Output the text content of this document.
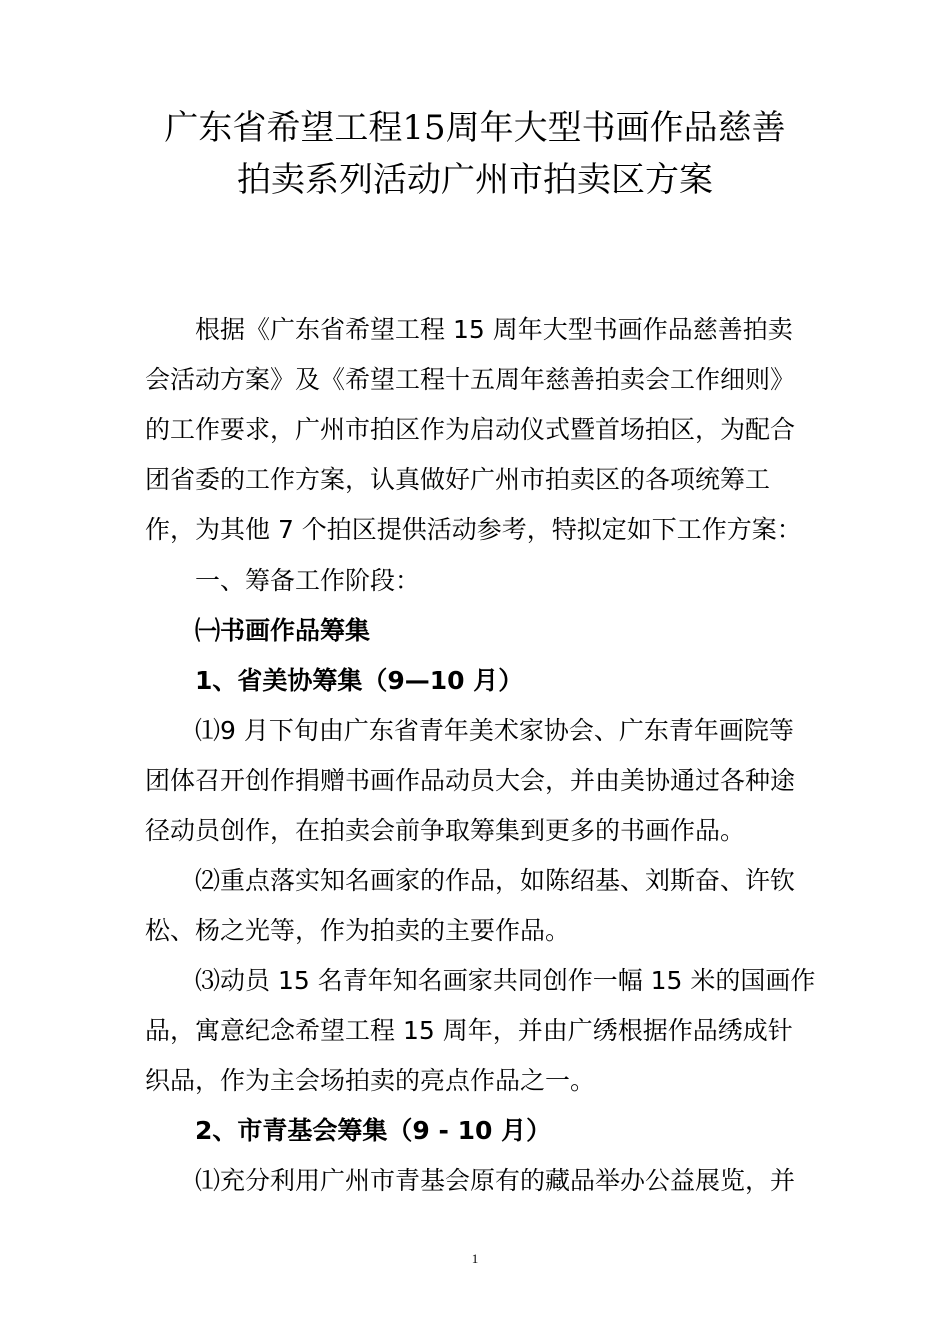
广东省希望工程15周年大型书画作品慈善
拍卖系列活动广州市拍卖区方案
根据《广东省希望工程 15 周年大型书画作品慈善拍卖
会活动方案》及《希望工程十五周年慈善拍卖会工作细则》
的工作要求，广州市拍区作为启动仪式暨首场拍区，为配合
团省委的工作方案，认真做好广州市拍卖区的各项统筹工
作，为其他 7 个拍区提供活动参考，特拟定如下工作方案：
一、筹备工作阶段：
㈠书画作品筹集
1、省美协筹集（9—10 月）
⑴9 月下旬由广东省青年美术家协会、广东青年画院等
团体召开创作捐赠书画作品动员大会，并由美协通过各种途
径动员创作，在拍卖会前争取筹集到更多的书画作品。
⑵重点落实知名画家的作品，如陈绍基、刘斯奋、许钦
松、杨之光等，作为拍卖的主要作品。
⑶动员 15 名青年知名画家共同创作一幅 15 米的国画作
品，寓意纪念希望工程 15 周年，并由广绣根据作品绣成针
织品，作为主会场拍卖的亮点作品之一。
2、市青基会筹集（9 - 10 月）
⑴充分利用广州市青基会原有的藏品举办公益展览，并
1
